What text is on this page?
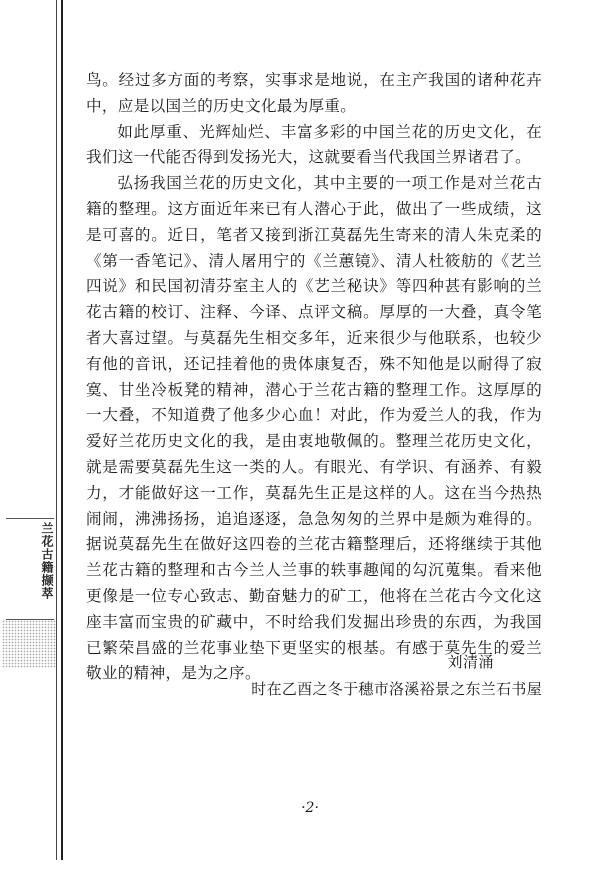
兰花古籍撷萃

鸟。经过多方面的考察，实事求是地说，在主产我国的诸种花卉中，应是以国兰的历史文化最为厚重。

如此厚重、光辉灿烂、丰富多彩的中国兰花的历史文化，在我们这一代能否得到发扬光大，这就要看当代我国兰界诸君了。

弘扬我国兰花的历史文化，其中主要的一项工作是对兰花古籍的整理。这方面近年来已有人潜心于此，做出了一些成绩，这是可喜的。近日，笔者又接到浙江莫磊先生寄来的清人朱克柔的《第一香笔记》、清人屠用宁的《兰蕙镜》、清人杜筱舫的《艺兰四说》和民国初清芬室主人的《艺兰秘诀》等四种甚有影响的兰花古籍的校订、注释、今译、点评文稿。厚厚的一大叠，真令笔者大喜过望。与莫磊先生相交多年，近来很少与他联系，也较少有他的音讯，还记挂着他的贵体康复否，殊不知他是以耐得了寂寞、甘坐冷板凳的精神，潜心于兰花古籍的整理工作。这厚厚的一大叠，不知道费了他多少心血！对此，作为爱兰人的我，作为爱好兰花历史文化的我，是由衷地敬佩的。整理兰花历史文化，就是需要莫磊先生这一类的人。有眼光、有学识、有涵养、有毅力，才能做好这一工作，莫磊先生正是这样的人。这在当今热热闹闹，沸沸扬扬，追追逐逐，急急匆匆的兰界中是颇为难得的。据说莫磊先生在做好这四卷的兰花古籍整理后，还将继续于其他兰花古籍的整理和古今兰人兰事的轶事趣闻的勾沉蒐集。看来他更像是一位专心致志、勤奋魅力的矿工，他将在兰花古今文化这座丰富而宝贵的矿藏中，不时给我们发掘出珍贵的东西，为我国已繁荣昌盛的兰花事业垫下更坚实的根基。有感于莫先生的爱兰敬业的精神，是为之序。

刘清涌
时在乙酉之冬于穗市洛溪裕景之东兰石书屋
·2·
